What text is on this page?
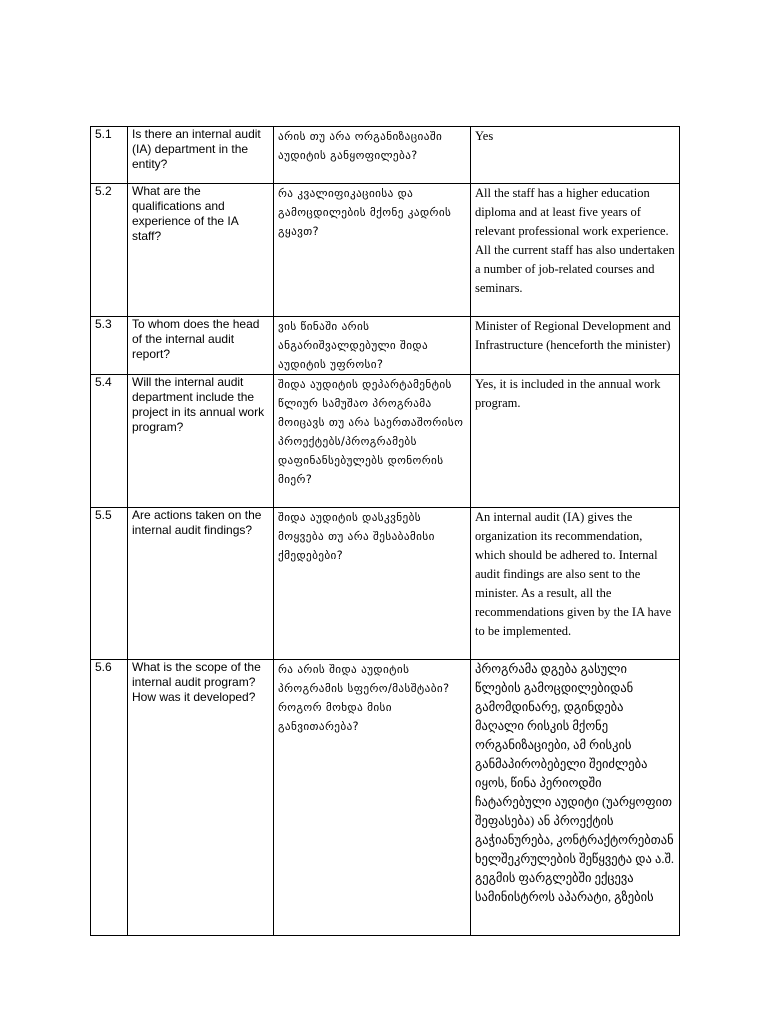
5.1	Is there an internal audit (IA) department in the entity?	არის თუ არა ორგანიზაციაში აუდიტის განყოფილება?	Yes
5.2	What are the qualifications and experience of the IA staff?	რა კვალიფიკაციისა და გამოცდილების მქონე კადრის გყავთ?	All the staff has a higher education diploma and at least five years of relevant professional work experience. All the current staff has also undertaken a number of job-related courses and seminars.
5.3	To whom does the head of the internal audit report?	ვის წინაში არის ანგარიშვალდებული შიდა აუდიტის უფროსი?	Minister of Regional Development and Infrastructure (henceforth the minister)
5.4	Will the internal audit department include the project in its annual work program?	შიდა აუდიტის დეპარტამენტის წლიურ სამუშაო პროგრამა მოიცავს თუ არა საერთაშორისო პროექტებს/პროგრამებს დაფინანსებულებს დონორის მიერ?	Yes, it is included in the annual work program.
5.5	Are actions taken on the internal audit findings?	შიდა აუდიტის დასკვნებს მოყვება თუ არა შესაბამისი ქმედებები?	An internal audit (IA) gives the organization its recommendation, which should be adhered to. Internal audit findings are also sent to the minister. As a result, all the recommendations given by the IA have to be implemented.
5.6	What is the scope of the internal audit program? How was it developed?	რა არის შიდა აუდიტის პროგრამის სფერო/მასშტაბი? როგორ მოხდა მისი განვითარება?	პროგრამა დგება გასული წლების გამოცდილებიდან გამომდინარე, დგინდება მაღალი რისკის მქონე ორგანიზაციები, ამ რისკის განმაპირობებელი შეიძლება იყოს, წინა პერიოდში ჩატარებული აუდიტი (უარყოფით შეფასება) ან პროექტის გაჭიანურება, კონტრაქტორებთან ხელშეკრულების შეწყვეტა და ა.შ. გეგმის ფარგლებში ექცევა სამინისტროს აპარატი, გზების
